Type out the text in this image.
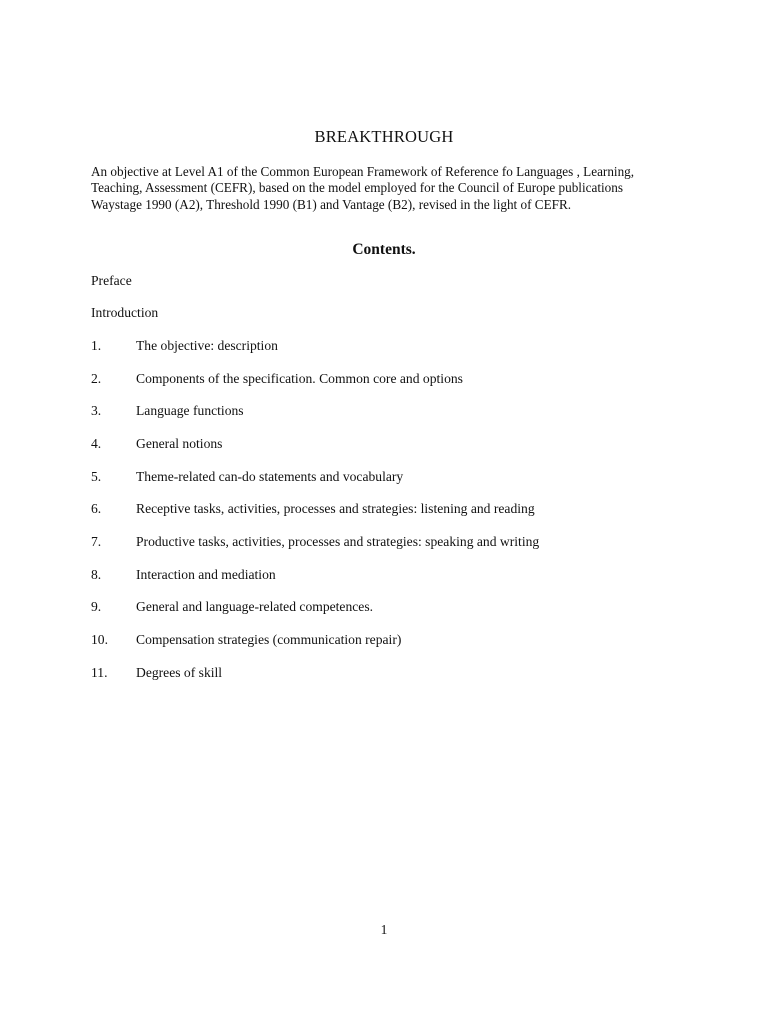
BREAKTHROUGH
An objective at Level A1 of the Common European Framework of Reference fo Languages , Learning,
Teaching, Assessment (CEFR), based on the model employed for the Council of Europe publications
Waystage 1990 (A2), Threshold 1990 (B1) and Vantage (B2), revised in the light of CEFR.
Contents.
Preface
Introduction
1.	The objective: description
2.	Components of the specification. Common core and options
3.	Language functions
4.	General notions
5.	Theme-related can-do statements and vocabulary
6.	Receptive tasks, activities, processes and strategies: listening and reading
7.	Productive tasks, activities, processes and strategies: speaking and writing
8.	Interaction and mediation
9.	General and language-related competences.
10. Compensation strategies (communication repair)
11. Degrees of skill
1
